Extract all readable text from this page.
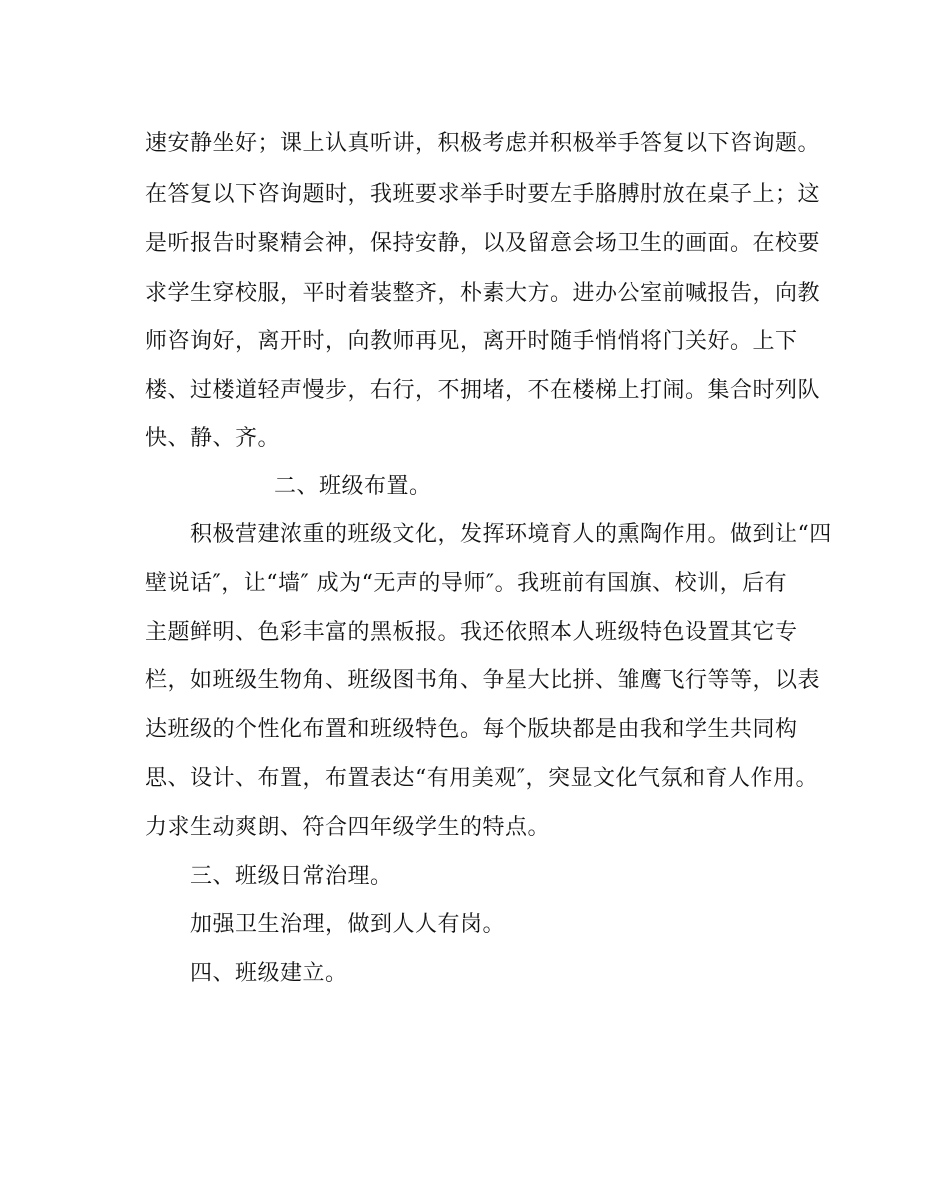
速安静坐好；课上认真听讲，积极考虑并积极举手答复以下咨询题。
在答复以下咨询题时，我班要求举手时要左手胳膊肘放在桌子上；这
是听报告时聚精会神，保持安静，以及留意会场卫生的画面。在校要
求学生穿校服，平时着装整齐，朴素大方。进办公室前喊报告，向教
师咨询好，离开时，向教师再见，离开时随手悄悄将门关好。上下
楼、过楼道轻声慢步，右行，不拥堵，不在楼梯上打闹。集合时列队
快、静、齐。
二、班级布置。
积极营建浓重的班级文化，发挥环境育人的熏陶作用。做到让“四
壁说话″，让“墙″ 成为“无声的导师″。我班前有国旗、校训，后有
主题鲜明、色彩丰富的黑板报。我还依照本人班级特色设置其它专
栏，如班级生物角、班级图书角、争星大比拼、雏鹰飞行等等，以表
达班级的个性化布置和班级特色。每个版块都是由我和学生共同构
思、设计、布置，布置表达“有用美观″，突显文化气氛和育人作用。
力求生动爽朗、符合四年级学生的特点。
三、班级日常治理。
加强卫生治理，做到人人有岗。
四、班级建立。
